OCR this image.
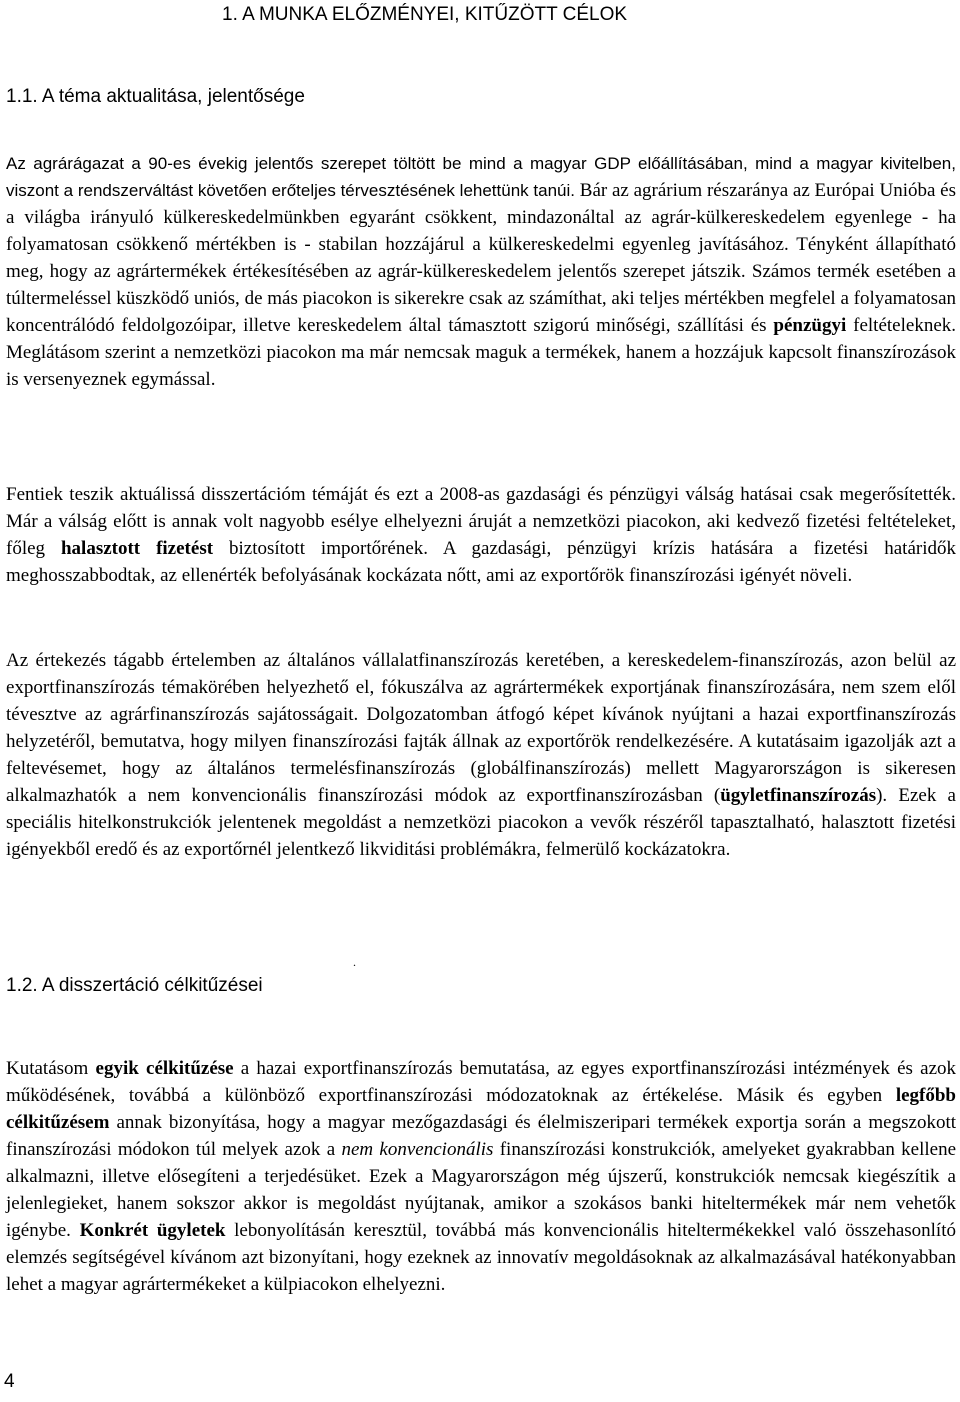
1. A MUNKA ELŐZMÉNYEI, KITŰZÖTT CÉLOK
1.1. A téma aktualitása, jelentősége

Az agrárágazat a 90-es évekig jelentős szerepet töltött be mind a magyar GDP előállításában, mind a magyar kivitelben, viszont a rendszerváltást követően erőteljes térvesztésének lehettünk tanúi. Bár az agrárium részaránya az Európai Unióba és a világba irányuló külkereskedelmünkben egyaránt csökkent, mindazonáltal az agrár-külkereskedelem egyenlege - ha folyamatosan csökkenő mértékben is - stabilan hozzájárul a külkereskedelmi egyenleg javításához. Tényként állapítható meg, hogy az agrártermékek értékesítésében az agrár-külkereskedelem jelentős szerepet játszik. Számos termék esetében a túltermeléssel küszködő uniós, de más piacokon is sikerekre csak az számíthat, aki teljes mértékben megfelel a folyamatosan koncentrálódó feldolgozóipar, illetve kereskedelem által támasztott szigorú minőségi, szállítási és pénzügyi feltételeknek. Meglátásom szerint a nemzetközi piacokon ma már nemcsak maguk a termékek, hanem a hozzájuk kapcsolt finanszírozások is versenyeznek egymással.

Fentiek teszik aktuálissá disszertációm témáját és ezt a 2008-as gazdasági és pénzügyi válság hatásai csak megerősítették. Már a válság előtt is annak volt nagyobb esélye elhelyezni áruját a nemzetközi piacokon, aki kedvező fizetési feltételeket, főleg halasztott fizetést biztosított importőrének. A gazdasági, pénzügyi krízis hatására a fizetési határidők meghosszabbodtak, az ellenérték befolyásának kockázata nőtt, ami az exportőrök finanszírozási igényét növeli.

Az értekezés tágabb értelemben az általános vállalatfinanszírozás keretében, a kereskedelem-finanszírozás, azon belül az exportfinanszírozás témakörében helyezhető el, fókuszálva az agrártermékek exportjának finanszírozására, nem szem elől tévesztve az agrárfinanszírozás sajátosságait. Dolgozatomban átfogó képet kívánok nyújtani a hazai exportfinanszírozás helyzetéről, bemutatva, hogy milyen finanszírozási fajták állnak az exportőrök rendelkezésére. A kutatásaim igazolják azt a feltevésemet, hogy az általános termelésfinanszírozás (globálfinanszírozás) mellett Magyarországon is sikeresen alkalmazhatók a nem konvencionális finanszírozási módok az exportfinanszírozásban (ügyletfinanszírozás). Ezek a speciális hitelkonstrukciók jelentenek megoldást a nemzetközi piacokon a vevők részéről tapasztalható, halasztott fizetési igényekből eredő és az exportőrnél jelentkező likviditási problémákra, felmerülő kockázatokra.

.
1.2. A disszertáció célkitűzései

Kutatásom egyik célkitűzése a hazai exportfinanszírozás bemutatása, az egyes exportfinanszírozási intézmények és azok működésének, továbbá a különböző exportfinanszírozási módozatoknak az értékelése. Másik és egyben legfőbb célkitűzésem annak bizonyítása, hogy a magyar mezőgazdasági és élelmiszeripari termékek exportja során a megszokott finanszírozási módokon túl melyek azok a nem konvencionális finanszírozási konstrukciók, amelyeket gyakrabban kellene alkalmazni, illetve elősegíteni a terjedésüket. Ezek a Magyarországon még újszerű, konstrukciók nemcsak kiegészítik a jelenlegieket, hanem sokszor akkor is megoldást nyújtanak, amikor a szokásos banki hiteltermékek már nem vehetők igénybe. Konkrét ügyletek lebonyolításán keresztül, továbbá más konvencionális hiteltermékekkel való összehasonlító elemzés segítségével kívánom azt bizonyítani, hogy ezeknek az innovatív megoldásoknak az alkalmazásával hatékonyabban lehet a magyar agrártermékeket a külpiacokon elhelyezni.

4
